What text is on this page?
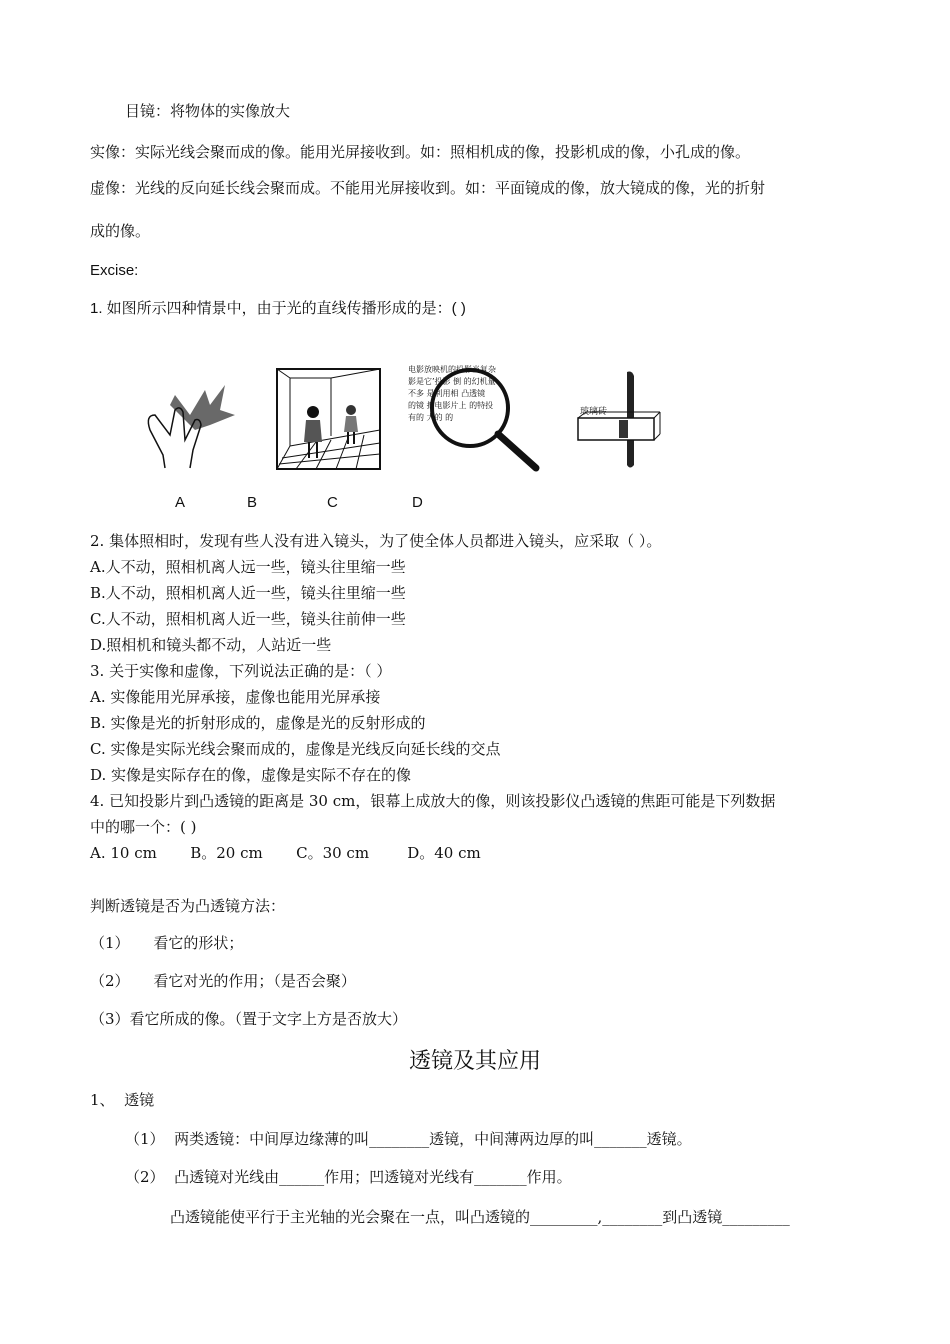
目镜：将物体的实像放大
实像：实际光线会聚而成的像。能用光屏接收到。如：照相机成的像，投影机成的像，小孔成的像。
虚像：光线的反向延长线会聚而成。不能用光屏接收到。如：平面镜成的像，放大镜成的像，光的折射
成的像。
Excise:
1. 如图所示四种情景中，由于光的直线传播形成的是：( )
电影放映机的投影当复杂
影是它’投影 倒 的幻机量
不多 是利用相 凸透镜
的镜 把电影片上 的特投
有的 大的 的
玻璃砖
A	B	C	D
2. 集体照相时，发现有些人没有进入镜头，为了使全体人员都进入镜头，应采取（ ）。
A.人不动，照相机离人远一些，镜头往里缩一些
B.人不动，照相机离人近一些，镜头往里缩一些
C.人不动，照相机离人近一些，镜头往前伸一些
D.照相机和镜头都不动，人站近一些
3. 关于实像和虚像，下列说法正确的是：（ ）
A. 实像能用光屏承接，虚像也能用光屏承接
B. 实像是光的折射形成的，虚像是光的反射形成的
C. 实像是实际光线会聚而成的，虚像是光线反向延长线的交点
D. 实像是实际存在的像，虚像是实际不存在的像
4. 已知投影片到凸透镜的距离是 30 cm，银幕上成放大的像，则该投影仪凸透镜的焦距可能是下列数据
中的哪一个：( )
A. 10 cm       B。20 cm       C。30 cm        D。40 cm
判断透镜是否为凸透镜方法：
（1）     看它的形状；
（2）     看它对光的作用；（是否会聚）
（3）看它所成的像。（置于文字上方是否放大）
透镜及其应用
1、  透镜
（1）  两类透镜：中间厚边缘薄的叫________透镜，中间薄两边厚的叫_______透镜。
（2）  凸透镜对光线由______作用；凹透镜对光线有_______作用。
凸透镜能使平行于主光轴的光会聚在一点，叫凸透镜的_________,________到凸透镜_________
